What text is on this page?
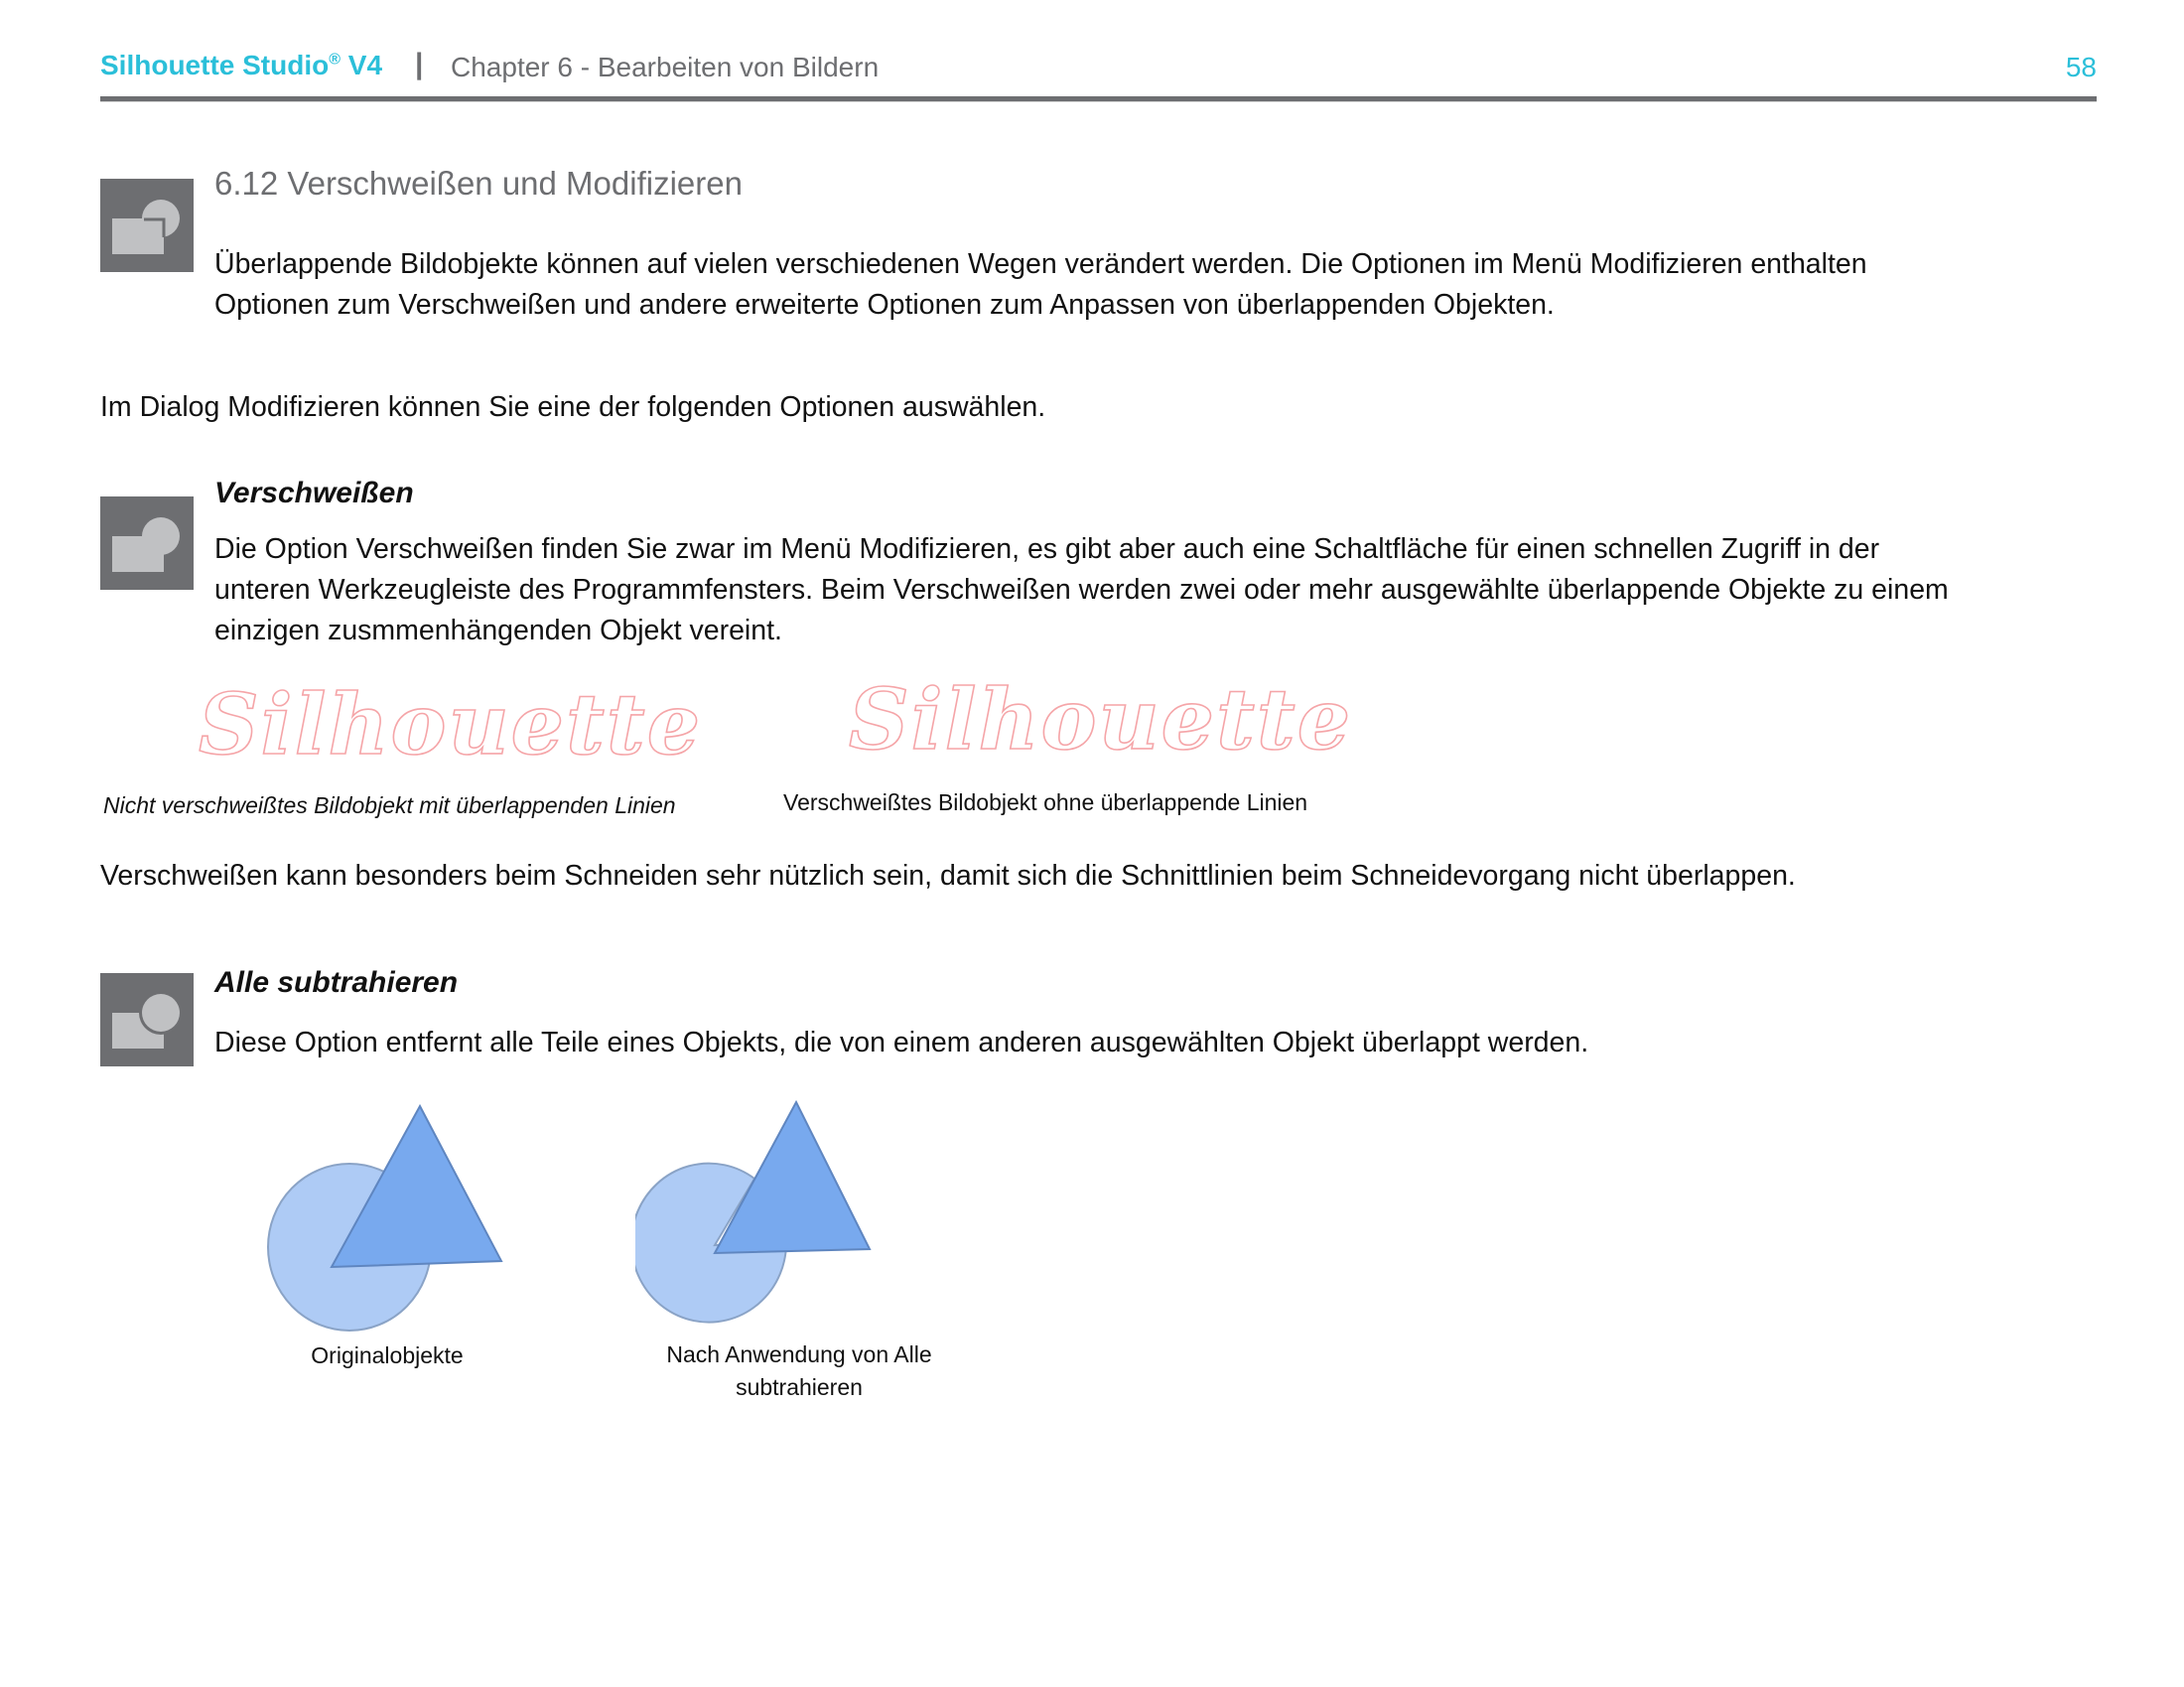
Silhouette Studio® V4 | Chapter 6 - Bearbeiten von Bildern	58
6.12 Verschweißen und Modifizieren
Überlappende Bildobjekte können auf vielen verschiedenen Wegen verändert werden. Die Optionen im Menü Modifizieren enthalten
Optionen zum Verschweißen und andere erweiterte Optionen zum Anpassen von überlappenden Objekten.
Im Dialog Modifizieren können Sie eine der folgenden Optionen auswählen.
Verschweißen
Die Option Verschweißen finden Sie zwar im Menü Modifizieren, es gibt aber auch eine Schaltfläche für einen schnellen Zugriff in der
unteren Werkzeugleiste des Programmfensters. Beim Verschweißen werden zwei oder mehr ausgewählte überlappende Objekte zu einem
einzigen zusmmenhängenden Objekt vereint.
Silhouette Silhouette
Nicht verschweißtes Bildobjekt mit überlappenden Linien	Verschweißtes Bildobjekt ohne überlappende Linien
Verschweißen kann besonders beim Schneiden sehr nützlich sein, damit sich die Schnittlinien beim Schneidevorgang nicht überlappen.
Alle subtrahieren
Diese Option entfernt alle Teile eines Objekts, die von einem anderen ausgewählten Objekt überlappt werden.
Originalobjekte	Nach Anwendung von Alle
subtrahieren
